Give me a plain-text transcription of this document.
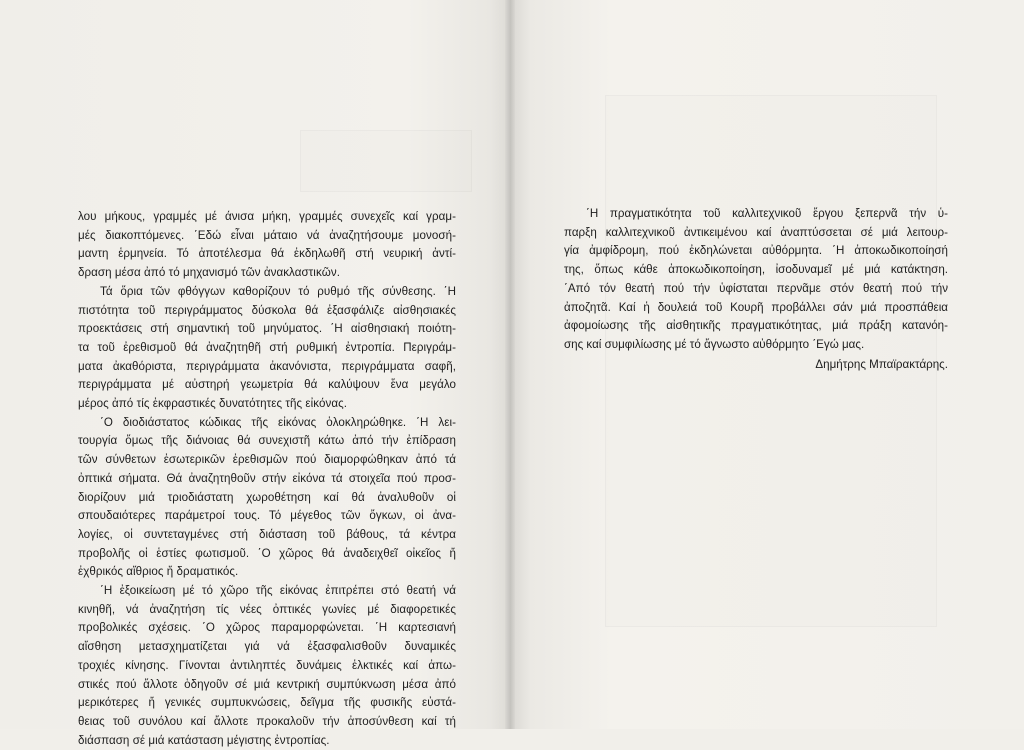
λου μήκους, γραμμές μέ άνισα μήκη, γραμμές συνεχεῖς καί γραμ-
μές διακοπτόμενες. ΄Εδώ εἶναι μάταιο νά ἀναζητήσουμε μονοσή-
μαντη ἑρμηνεία. Τό ἀποτέλεσμα θά ἐκδηλωθῆ στή νευρική ἀντί-
δραση μέσα ἀπό τό μηχανισμό τῶν ἀνακλαστικῶν.
Τά ὅρια τῶν φθόγγων καθορίζουν τό ρυθμό τῆς σύνθεσης. ΄Η
πιστότητα τοῦ περιγράμματος δύσκολα θά ἐξασφάλιζε αἰσθησιακές
προεκτάσεις στή σημαντική τοῦ μηνύματος. ΄Η αἰσθησιακή ποιότη-
τα τοῦ ἐρεθισμοῦ θά ἀναζητηθῆ στή ρυθμική ἐντροπία. Περιγράμ-
ματα ἀκαθόριστα, περιγράμματα ἀκανόνιστα, περιγράμματα σαφῆ,
περιγράμματα μέ αὐστηρή γεωμετρία θά καλύψουν ἕνα μεγάλο
μέρος ἀπό τίς ἐκφραστικές δυνατότητες τῆς εἰκόνας.
΄Ο διοδιάστατος κώδικας τῆς εἰκόνας ὁλοκληρώθηκε. ΄Η λει-
τουργία ὅμως τῆς διάνοιας θά συνεχιστῆ κάτω ἀπό τήν ἐπίδραση
τῶν σύνθετων ἐσωτερικῶν ἐρεθισμῶν πού διαμορφώθηκαν ἀπό τά
ὀπτικά σήματα. Θά ἀναζητηθοῦν στήν εἰκόνα τά στοιχεῖα πού προσ-
διορίζουν μιά τριοδιάστατη χωροθέτηση καί θά ἀναλυθοῦν οἱ
σπουδαιότερες παράμετροί τους. Τό μέγεθος τῶν ὄγκων, οἱ ἀνα-
λογίες, οἱ συντεταγμένες στή διάσταση τοῦ βάθους, τά κέντρα
προβολῆς οἱ ἑστίες φωτισμοῦ. ΄Ο χῶρος θά ἀναδειχθεῖ οἰκεῖος ἤ
ἐχθρικός αἴθριος ἤ δραματικός.
΄Η ἐξοικείωση μέ τό χῶρο τῆς εἰκόνας ἐπιτρέπει στό θεατή νά
κινηθῆ, νά ἀναζητήση τίς νέες ὀπτικές γωνίες μέ διαφορετικές
προβολικές σχέσεις. ΄Ο χῶρος παραμορφώνεται. ΄Η καρτεσιανή
αἴσθηση μετασχηματίζεται γιά νά ἐξασφαλισθοῦν δυναμικές
τροχιές κίνησης. Γίνονται ἀντιληπτές δυνάμεις ἑλκτικές καί ἀπω-
στικές πού ἄλλοτε ὁδηγοῦν σέ μιά κεντρική συμπύκνωση μέσα ἀπό
μερικότερες ἤ γενικές συμπυκνώσεις, δεῖγμα τῆς φυσικῆς εὐστά-
θειας τοῦ συνόλου καί ἄλλοτε προκαλοῦν τήν ἀποσύνθεση καί τή
διάσπαση σέ μιά κατάσταση μέγιστης ἐντροπίας.
΄Η πραγματικότητα τοῦ καλλιτεχνικοῦ ἔργου ξεπερνᾶ τήν ὑ-
παρξη καλλιτεχνικοῦ ἀντικειμένου καί ἀναπτύσσεται σέ μιά λειτουρ-
γία ἀμφίδρομη, πού ἐκδηλώνεται αὐθόρμητα. ΄Η ἀποκωδικοποίησή
της, ὅπως κάθε ἀποκωδικοποίηση, ἰσοδυναμεῖ μέ μιά κατάκτηση.
΄Από τόν θεατή πού τήν ὑφίσταται περνᾶμε στόν θεατή πού τήν
ἀποζητᾶ. Καί ἡ δουλειά τοῦ Κουρῆ προβάλλει σάν μιά προσπάθεια
ἀφομοίωσης τῆς αἰσθητικῆς πραγματικότητας, μιά πράξη κατανόη-
σης καί συμφιλίωσης μέ τό ἄγνωστο αὐθόρμητο ΄Εγώ μας.
Δημήτρης Μπαϊρακτάρης.
